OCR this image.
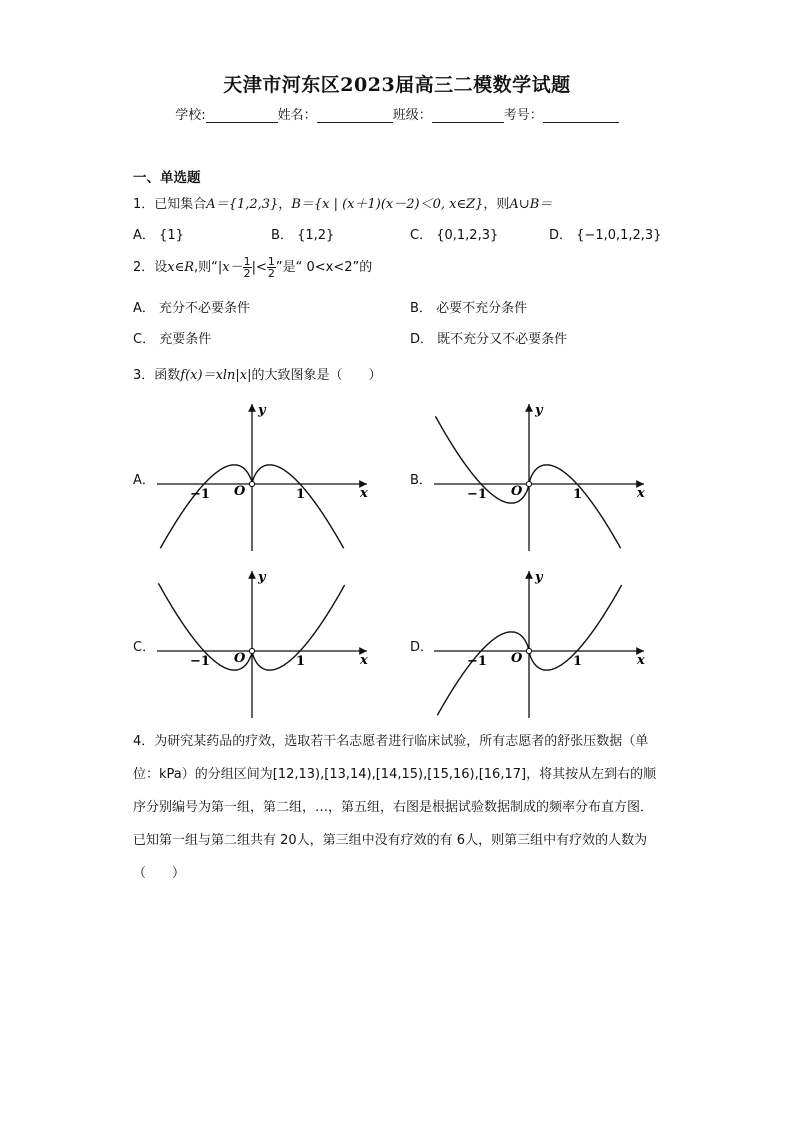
天津市河东区2023届高三二模数学试题
学校:	姓名：	班级：	考号：
一、单选题
1．已知集合A＝{1,2,3}，B＝{x | (x＋1)(x－2)＜0, x∈Z}，则A∪B＝
A． {1}	B． {1,2}	C． {0,1,2,3}	D． {−1,0,1,2,3}
2．设x∈R,则“$|x- \frac{1}{2}$ |< $\frac{1}{2}$ ”是“ 0<x<2”的
A． 充分不必要条件	B． 必要不充分条件
C． 充要条件	D． 既不充分又不必要条件
3．函数f(x)＝xln|x|的大致图象是（　　）
A．	B．
C．	D．
O
−1	1	x
y
O
−1	1	x
y
O
−1	1	x
y
O
−1	1	x
y
4．为研究某药品的疗效，选取若干名志愿者进行临床试验，所有志愿者的舒张压数据（单位：kPa）的分组区间为[12,13),[13,14),[14,15),[15,16),[16,17]，将其按从左到右的顺序分别编号为第一组，第二组，…，第五组，右图是根据试验数据制成的频率分布直方图．已知第一组与第二组共有 20人，第三组中没有疗效的有 6人，则第三组中有疗效的人数为（　　）
